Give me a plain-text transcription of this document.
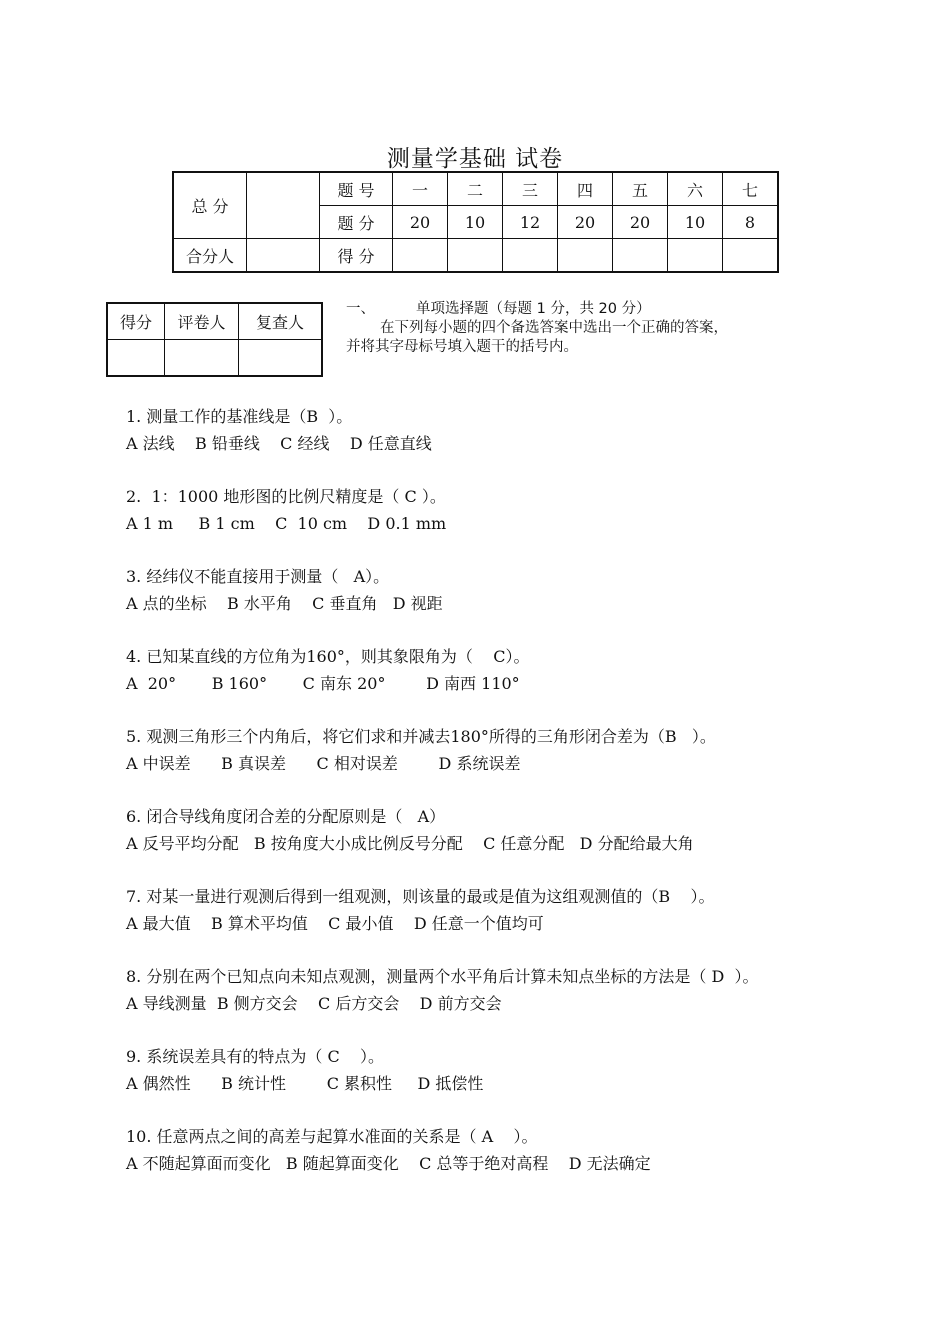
测量学基础 试卷
总 分		题 号	一	二	三	四	五	六	七
		题 分	20	10	12	20	20	10	8
合分人		得 分							
得分	评卷人	复查人

一、	单项选择题（每题 1 分，共 20 分）
在下列每小题的四个备选答案中选出一个正确的答案，
并将其字母标号填入题干的括号内。
1. 测量工作的基准线是（B  ）。
A 法线    B 铅垂线    C 经线    D 任意直线
2.  1：1000 地形图的比例尺精度是（ C ）。
A 1 m     B 1 cm    C  10 cm    D 0.1 mm
3. 经纬仪不能直接用于测量（   A）。
A 点的坐标    B 水平角    C 垂直角   D 视距
4. 已知某直线的方位角为160°，则其象限角为（    C）。
A  20°       B 160°       C 南东 20°        D 南西 110°
5. 观测三角形三个内角后，将它们求和并减去180°所得的三角形闭合差为（B   ）。
A 中误差      B 真误差      C 相对误差        D 系统误差
6. 闭合导线角度闭合差的分配原则是（   A）
A 反号平均分配   B 按角度大小成比例反号分配    C 任意分配   D 分配给最大角
7. 对某一量进行观测后得到一组观测，则该量的最或是值为这组观测值的（B    ）。
A 最大值    B 算术平均值    C 最小值    D 任意一个值均可
8. 分别在两个已知点向未知点观测，测量两个水平角后计算未知点坐标的方法是（ D  ）。
A 导线测量  B 侧方交会    C 后方交会    D 前方交会
9. 系统误差具有的特点为（ C    ）。
A 偶然性      B 统计性        C 累积性     D 抵偿性
10. 任意两点之间的高差与起算水准面的关系是（ A    ）。
A 不随起算面而变化   B 随起算面变化    C 总等于绝对高程    D 无法确定
